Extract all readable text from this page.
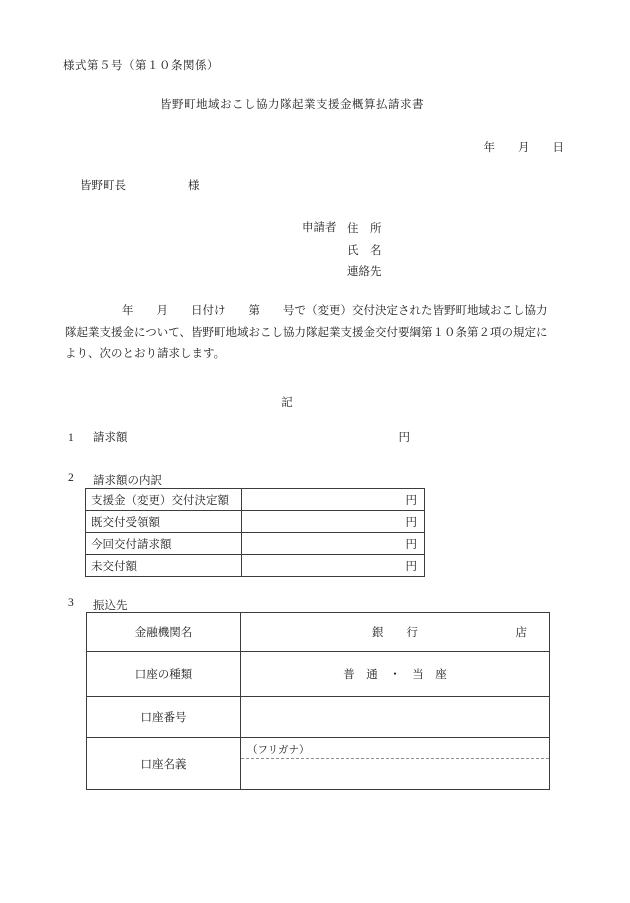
様式第５号（第１０条関係）
皆野町地域おこし協力隊起業支援金概算払請求書
年 月 日
皆野町長	様
申請者 住　所
氏　名
連絡先
年　　月　　日付け　　第　　号で（変更）交付決定された皆野町地域おこし協力
隊起業支援金について、皆野町地域おこし協力隊起業支援金交付要綱第１０条第２項の規定に
より、次のとおり請求します。
記
1	請求額	円
2	請求額の内訳
支援金（変更）交付決定額	円
既交付受領額	円
今回交付請求額	円
未交付額	円
3	振込先
金融機関名	銀　　行 店

口座の種類	普　通　・　当　座
口座番号	
口座名義	（フリガナ）
